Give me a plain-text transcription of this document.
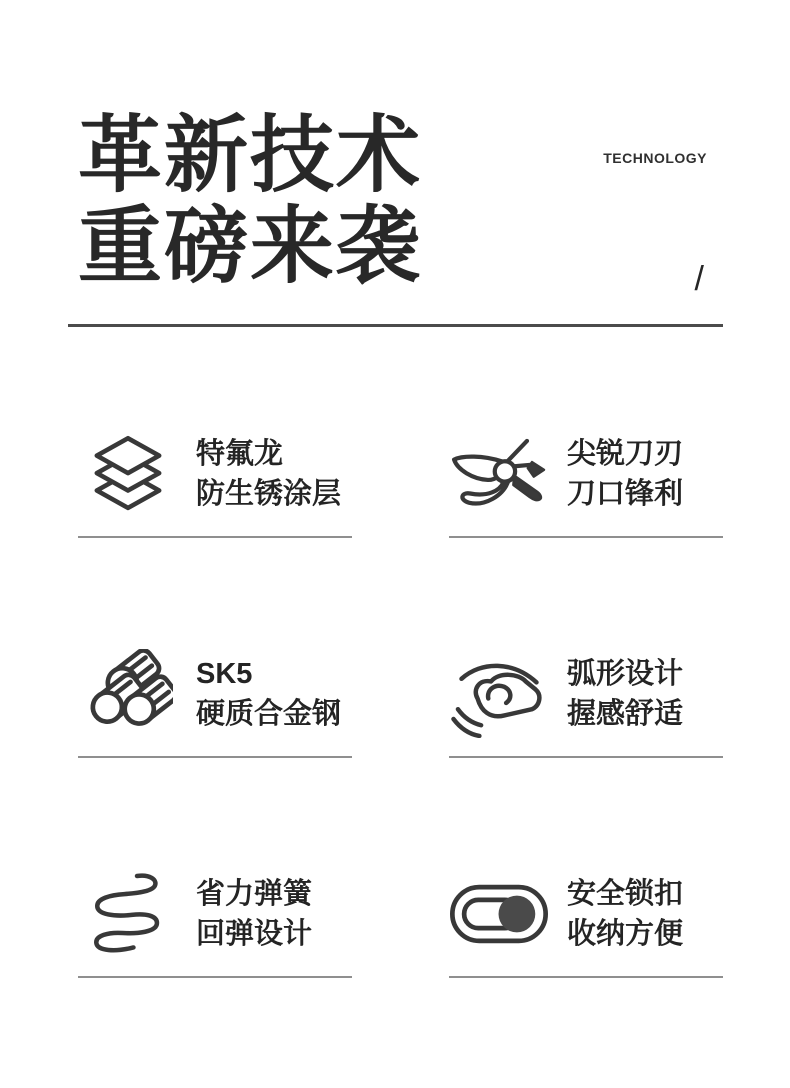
革新技术
重磅来袭
TECHNOLOGY
/
特氟龙
防生锈涂层
尖锐刀刃
刀口锋利
SK5
硬质合金钢
弧形设计
握感舒适
省力弹簧
回弹设计
安全锁扣
收纳方便
